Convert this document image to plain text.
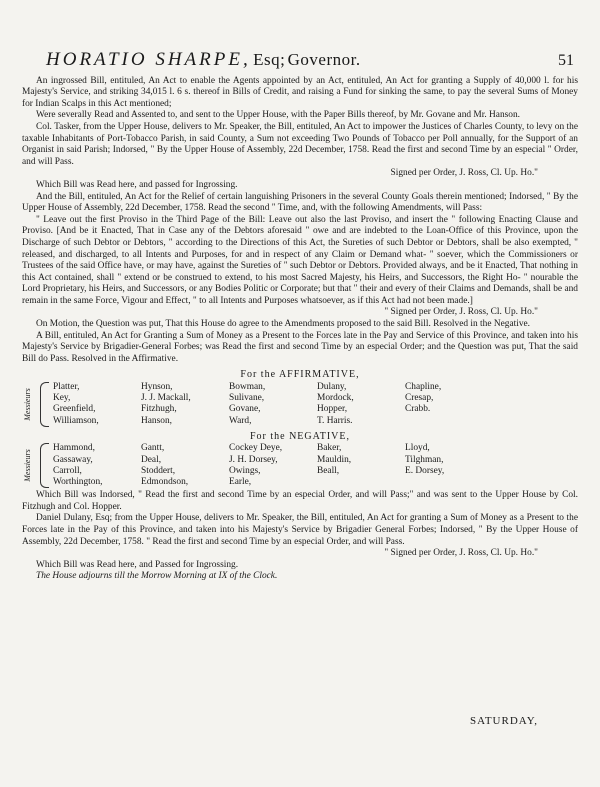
HORATIO SHARPE, Esq; Governor.	51

An ingrossed Bill, entituled, An Act to enable the Agents appointed by an Act, entituled, An Act for granting a Supply of 40,000 l. for his Majesty's Service, and striking 34,015 l. 6 s. thereof in Bills of Credit, and raising a Fund for sinking the same, to pay the several Sums of Money for Indian Scalps in this Act mentioned;

Were severally Read and Assented to, and sent to the Upper House, with the Paper Bills thereof, by Mr. Govane and Mr. Hanson.

Col. Tasker, from the Upper House, delivers to Mr. Speaker, the Bill, entituled, An Act to impower the Justices of Charles County, to levy on the taxable Inhabitants of Port-Tobacco Parish, in said County, a Sum not exceeding Two Pounds of Tobacco per Poll annually, for the Support of an Organist in said Parish; Indorsed, " By the Upper House of Assembly, 22d December, 1758. Read the first and second Time by an especial " Order, and will Pass.

Signed per Order, J. Ross, Cl. Up. Ho."

Which Bill was Read here, and passed for Ingrossing.

And the Bill, entituled, An Act for the Relief of certain languishing Prisoners in the several County Goals therein mentioned; Indorsed, " By the Upper House of Assembly, 22d December, 1758. Read the second " Time, and, with the following Amendments, will Pass:

" Leave out the first Proviso in the Third Page of the Bill: Leave out also the last Proviso, and insert the " following Enacting Clause and Proviso. [And be it Enacted, That in Case any of the Debtors aforesaid " owe and are indebted to the Loan-Office of this Province, upon the Discharge of such Debtor or Debtors, " according to the Directions of this Act, the Sureties of such Debtor or Debtors, shall be also exempted, " released, and discharged, to all Intents and Purposes, for and in respect of any Claim or Demand what- " soever, which the Commissioners or Trustees of the said Office have, or may have, against the Sureties of " such Debtor or Debtors. Provided always, and be it Enacted, That nothing in this Act contained, shall " extend or be construed to extend, to his most Sacred Majesty, his Heirs, and Successors, the Right Ho- " nourable the Lord Proprietary, his Heirs, and Successors, or any Bodies Politic or Corporate; but that " their and every of their Claims and Demands, shall be and remain in the same Force, Vigour and Effect, " to all Intents and Purposes whatsoever, as if this Act had not been made.]

" Signed per Order, J. Ross, Cl. Up. Ho."

On Motion, the Question was put, That this House do agree to the Amendments proposed to the said Bill. Resolved in the Negative.

A Bill, entituled, An Act for Granting a Sum of Money as a Present to the Forces late in the Pay and Service of this Province, and taken into his Majesty's Service by Brigadier-General Forbes; was Read the first and second Time by an especial Order; and the Question was put, That the said Bill do Pass. Resolved in the Affirmative.

For the AFFIRMATIVE,
Messieurs
Platter,
Key,
Greenfield,
Williamson,
Hynson,
J. J. Mackall,
Fitzhugh,
Hanson,
Bowman,
Sulivane,
Govane,
Ward,
Dulany,
Mordock,
Hopper,
T. Harris.
Chapline,
Cresap,
Crabb.
For the NEGATIVE,
Messieurs
Hammond,
Gassaway,
Carroll,
Worthington,
Gantt,
Deal,
Stoddert,
Edmondson,
Cockey Deye,
J. H. Dorsey,
Owings,
Earle,
Baker,
Mauldin,
Beall,
Lloyd,
Tilghman,
E. Dorsey,

Which Bill was Indorsed, " Read the first and second Time by an especial Order, and will Pass;" and was sent to the Upper House by Col. Fitzhugh and Col. Hopper.

Daniel Dulany, Esq; from the Upper House, delivers to Mr. Speaker, the Bill, entituled, An Act for granting a Sum of Money as a Present to the Forces late in the Pay of this Province, and taken into his Majesty's Service by Brigadier General Forbes; Indorsed, " By the Upper House of Assembly, 22d December, 1758. " Read the first and second Time by an especial Order, and will Pass.

" Signed per Order, J. Ross, Cl. Up. Ho."

Which Bill was Read here, and Passed for Ingrossing.

The House adjourns till the Morrow Morning at IX of the Clock.

SATURDAY,
